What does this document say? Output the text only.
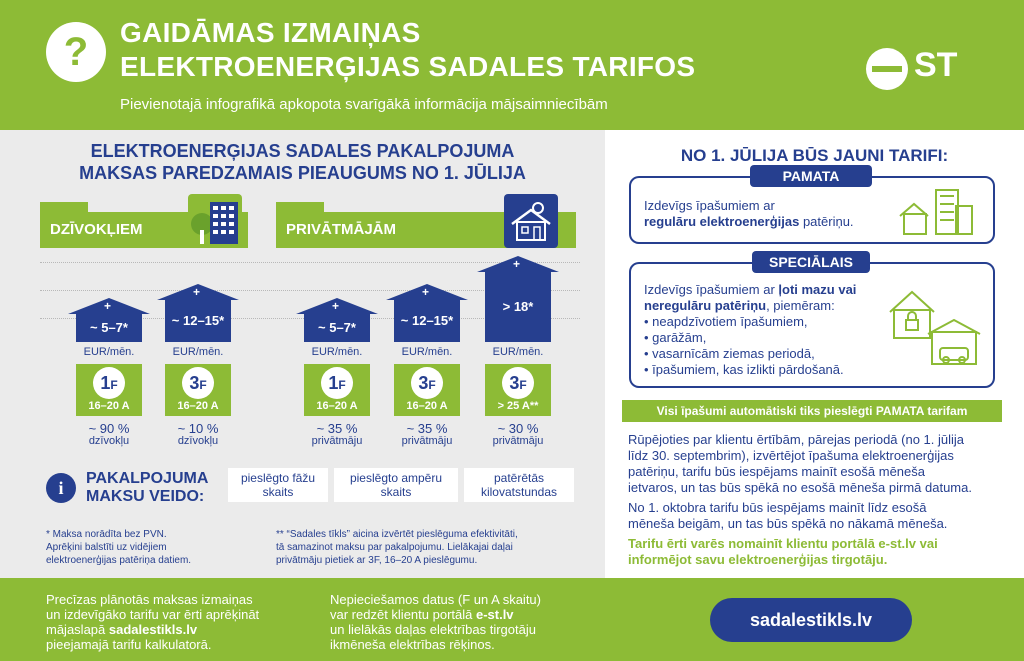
?	GAIDĀMAS IZMAIŅAS
ELEKTROENERĢIJAS SADALES TARIFOS
Pievienotajā infografikā apkopota svarīgākā informācija mājsaimniecībām
ST
ELEKTROENERĢIJAS SADALES PAKALPOJUMA
MAKSAS PAREDZAMAIS PIEAUGUMS NO 1. JŪLIJA
DZĪVOKĻIEM	PRIVĀTMĀJĀM
+
~ 5–7*
EUR/mēn.
1F
16–20 A
~ 90 %
dzīvokļu
+
~ 12–15*
EUR/mēn.
3F
16–20 A
~ 10 %
dzīvokļu
+
~ 5–7*
EUR/mēn.
1F
16–20 A
~ 35 %
privātmāju
+
~ 12–15*
EUR/mēn.
3F
16–20 A
~ 35 %
privātmāju
+
> 18*
EUR/mēn.
3F
> 25 A**
~ 30 %
privātmāju
i	PAKALPOJUMA
MAKSU VEIDO:
pieslēgto fāžu
skaits
pieslēgto ampēru
skaits
patērētās
kilovatstundas
* Maksa norādīta bez PVN.
Aprēķini balstīti uz vidējiem
elektroenerģijas patēriņa datiem.
** “Sadales tīkls” aicina izvērtēt pieslēguma efektivitāti,
tā samazinot maksu par pakalpojumu. Lielākajai daļai
privātmāju pietiek ar 3F, 16–20 A pieslēgumu.
NO 1. JŪLIJA BŪS JAUNI TARIFI:
PAMATA
Izdevīgs īpašumiem ar
regulāru elektroenerģijas patēriņu.
SPECIĀLAIS
Izdevīgs īpašumiem ar ļoti mazu vai
neregulāru patēriņu, piemēram:
• neapdzīvotiem īpašumiem,
• garāžām,
• vasarnīcām ziemas periodā,
• īpašumiem, kas izlikti pārdošanā.
Visi īpašumi automātiski tiks pieslēgti PAMATA tarifam
Rūpējoties par klientu ērtībām, pārejas periodā (no 1. jūlija
līdz 30. septembrim), izvērtējot īpašuma elektroenerģijas
patēriņu, tarifu būs iespējams mainīt esošā mēneša
ietvaros, un tas būs spēkā no esošā mēneša pirmā datuma.
No 1. oktobra tarifu būs iespējams mainīt līdz esošā
mēneša beigām, un tas būs spēkā no nākamā mēneša.
Tarifu ērti varēs nomainīt klientu portālā e-st.lv vai
informējot savu elektroenerģijas tirgotāju.
Precīzas plānotās maksas izmaiņas
un izdevīgāko tarifu var ērti aprēķināt
mājaslapā sadalestikls.lv
pieejamajā tarifu kalkulatorā.
Nepieciešamos datus (F un A skaitu)
var redzēt klientu portālā e-st.lv
un lielākās daļas elektrības tirgotāju
ikmēneša elektrības rēķinos.
sadalestikls.lv
